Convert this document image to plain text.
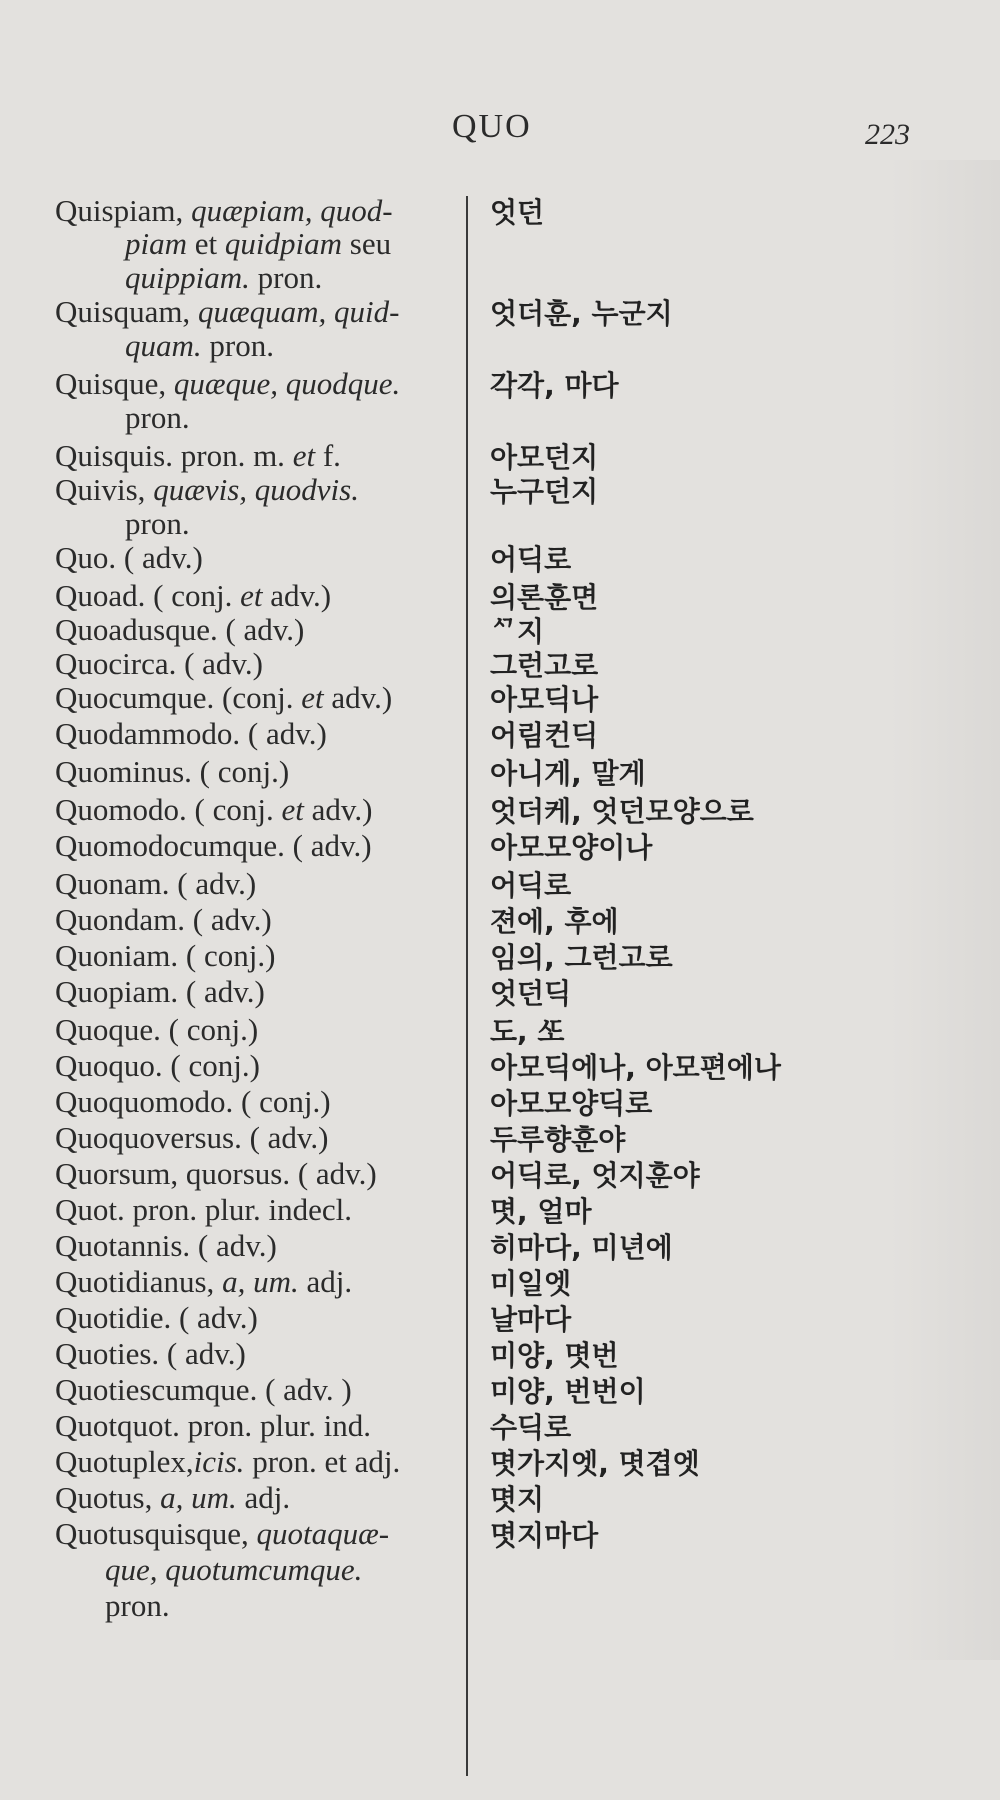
QUO	223
Quispiam, quæpiam, quod-	엇던
piam et quidpiam seu
quippiam. pron.
Quisquam, quæquam, quid-	엇더훈, 누군지
quam. pron.
Quisque, quæque, quodque.	각각, 마다
pron.
Quisquis. pron. m. et f.	아모던지
Quivis, quævis, quodvis.	누구던지
pron.
Quo. ( adv.)	어딕로
Quoad. ( conj. et adv.)	의론훈면
Quoadusque. ( adv.)	ᄭ지
Quocirca. ( adv.)	그런고로
Quocumque. (conj. et adv.)	아모딕나
Quodammodo. ( adv.)	어림컨딕
Quominus. ( conj.)	아니게, 말게
Quomodo. ( conj. et adv.)	엇더케, 엇던모양으로
Quomodocumque. ( adv.)	아모모양이나
Quonam. ( adv.)	어딕로
Quondam. ( adv.)	젼에, 후에
Quoniam. ( conj.)	임의, 그런고로
Quopiam. ( adv.)	엇던딕
Quoque. ( conj.)	도, ᄯᅩ
Quoquo. ( conj.)	아모딕에나, 아모편에나
Quoquomodo. ( conj.)	아모모양딕로
Quoquoversus. ( adv.)	두루향훈야
Quorsum, quorsus. ( adv.)	어딕로, 엇지훈야
Quot. pron. plur. indecl.	몃, 얼마
Quotannis. ( adv.)	히마다, 미년에
Quotidianus, a, um. adj.	미일엣
Quotidie. ( adv.)	날마다
Quoties. ( adv.)	미양, 몃번
Quotiescumque. ( adv. )	미양, 번번이
Quotquot. pron. plur. ind.	수딕로
Quotuplex,icis. pron. et adj.	몃가지엣, 몃겹엣
Quotus, a, um. adj.	몃지
Quotusquisque, quotaquæ-	몃지마다
que, quotumcumque.
pron.
